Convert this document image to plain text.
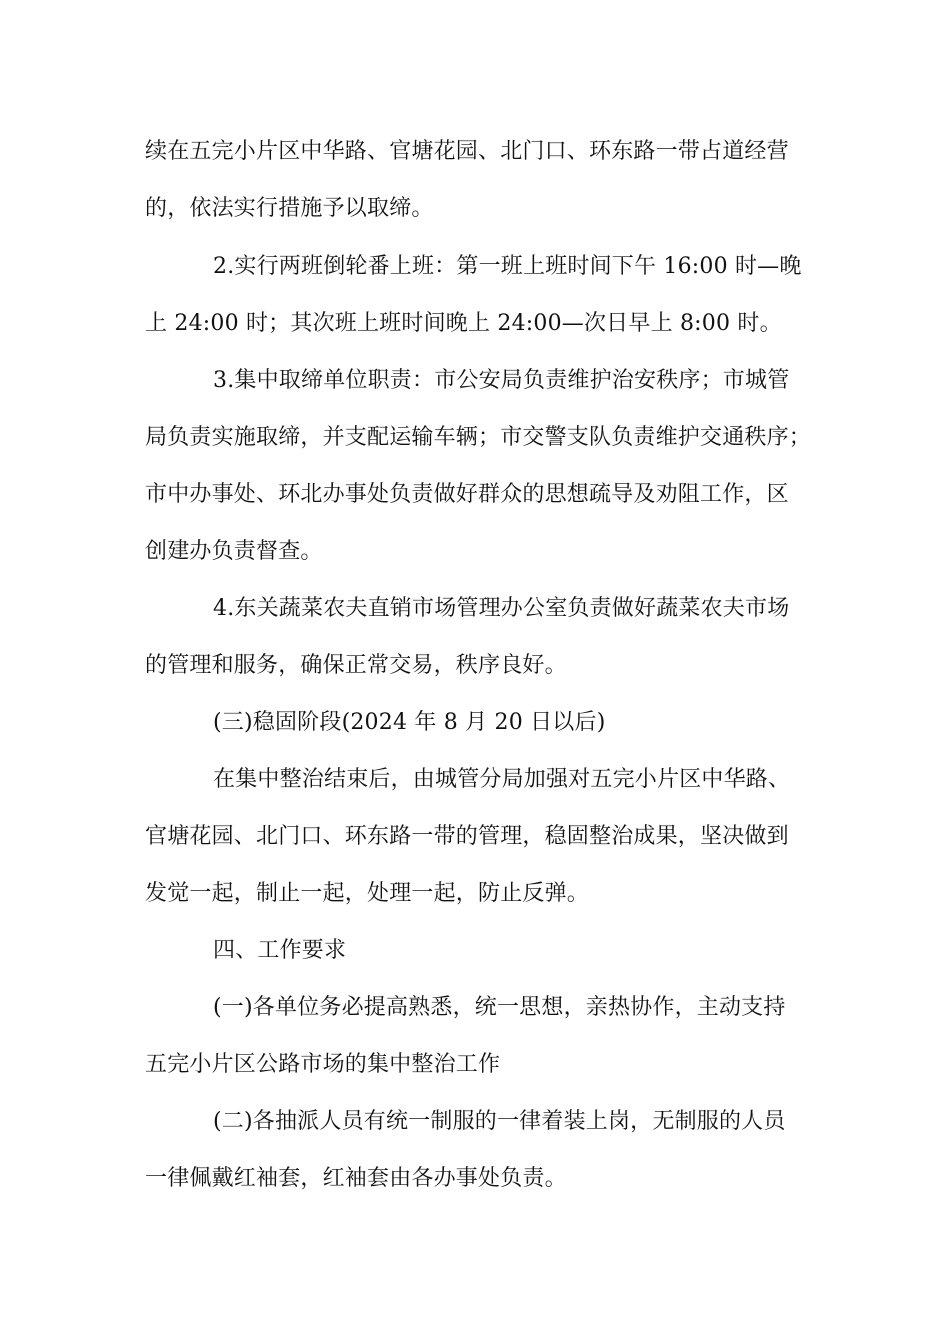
续在五完小片区中华路、官塘花园、北门口、环东路一带占道经营
的，依法实行措施予以取缔。
2.实行两班倒轮番上班：第一班上班时间下午 16:00 时—晚
上 24:00 时；其次班上班时间晚上 24:00—次日早上 8:00 时。
3.集中取缔单位职责：市公安局负责维护治安秩序；市城管
局负责实施取缔，并支配运输车辆；市交警支队负责维护交通秩序；
市中办事处、环北办事处负责做好群众的思想疏导及劝阻工作，区
创建办负责督查。
4.东关蔬菜农夫直销市场管理办公室负责做好蔬菜农夫市场
的管理和服务，确保正常交易，秩序良好。
(三)稳固阶段(2024 年 8 月 20 日以后)
在集中整治结束后，由城管分局加强对五完小片区中华路、
官塘花园、北门口、环东路一带的管理，稳固整治成果，坚决做到
发觉一起，制止一起，处理一起，防止反弹。
四、工作要求
(一)各单位务必提高熟悉，统一思想，亲热协作，主动支持
五完小片区公路市场的集中整治工作
(二)各抽派人员有统一制服的一律着装上岗，无制服的人员
一律佩戴红袖套，红袖套由各办事处负责。
